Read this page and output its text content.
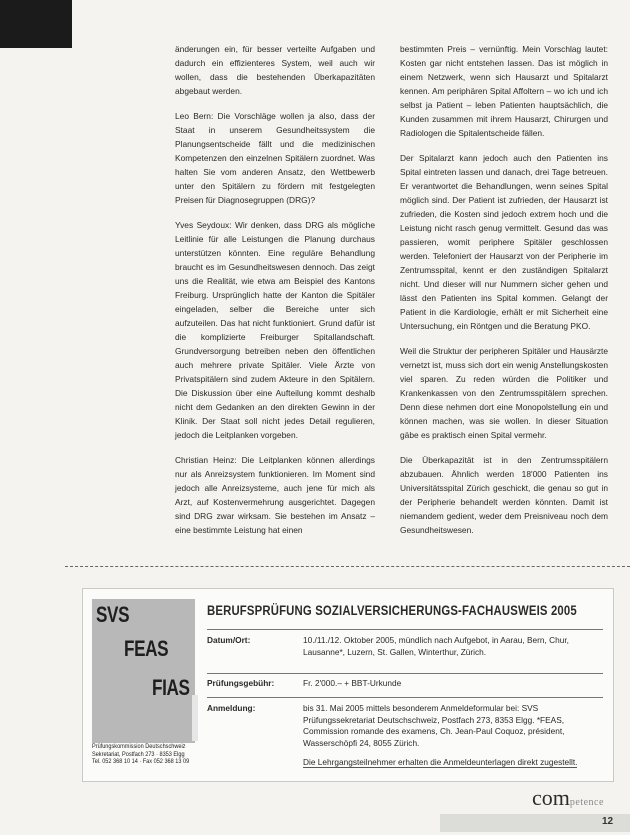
änderungen ein, für besser verteilte Aufgaben und dadurch ein effizienteres System, weil auch wir wollen, dass die bestehenden Überkapazitäten abgebaut werden.

Leo Bern: Die Vorschläge wollen ja also, dass der Staat in unserem Gesundheitssystem die Planungsentscheide fällt und die medizinischen Kompetenzen den einzelnen Spitälern zuordnet. Was halten Sie vom anderen Ansatz, den Wettbewerb unter den Spitälern zu fördern mit festgelegten Preisen für Diagnosegruppen (DRG)?

Yves Seydoux: Wir denken, dass DRG als mögliche Leitlinie für alle Leistungen die Planung durchaus unterstützen könnten. Eine reguläre Behandlung braucht es im Gesundheitswesen dennoch. Das zeigt uns die Realität, wie etwa am Beispiel des Kantons Freiburg. Ursprünglich hatte der Kanton die Spitäler eingeladen, selber die Bereiche unter sich aufzuteilen. Das hat nicht funktioniert. Grund dafür ist die komplizierte Freiburger Spitallandschaft. Grundversorgung betreiben neben den öffentlichen auch mehrere private Spitäler. Viele Ärzte von Privatspitälern sind zudem Akteure in den Spitälern. Die Diskussion über eine Aufteilung kommt deshalb nicht dem Gedanken an den direkten Gewinn in der Klinik. Der Staat soll nicht jedes Detail regulieren, jedoch die Leitplanken vorgeben.

Christian Heinz: Die Leitplanken können allerdings nur als Anreizsystem funktionieren. Im Moment sind jedoch alle Anreizsysteme, auch jene für mich als Arzt, auf Kostenvermehrung ausgerichtet. Dagegen sind DRG zwar wirksam. Sie bestehen im Ansatz – eine bestimmte Leistung hat einen

bestimmten Preis – vernünftig. Mein Vorschlag lautet: Kosten gar nicht entstehen lassen. Das ist möglich in einem Netzwerk, wenn sich Hausarzt und Spitalarzt kennen. Am periphären Spital Affoltern – wo ich und ich selbst ja Patient – leben Patienten hauptsächlich, die Kunden zusammen mit ihrem Hausarzt, Chirurgen und Radiologen die Spitalentscheide fällen.

Der Spitalarzt kann jedoch auch den Patienten ins Spital eintreten lassen und danach, drei Tage betreuen. Er verantwortet die Behandlungen, wenn seines Spital möglich sind. Der Patient ist zufrieden, der Hausarzt ist zufrieden, die Kosten sind jedoch extrem hoch und die Leistung nicht rasch genug vermittelt. Gesund das was passieren, womit periphere Spitäler geschlossen werden. Telefoniert der Hausarzt von der Peripherie im Zentrumsspital, kennt er den zuständigen Spitalarzt nicht. Und dieser will nur Nummern sicher gehen und lässt den Patienten ins Spital kommen. Gelangt der Patient in die Kardiologie, erhält er mit Sicherheit eine Untersuchung, ein Röntgen und die Beratung PKO.

Weil die Struktur der peripheren Spitäler und Hausärzte vernetzt ist, muss sich dort ein wenig Anstellungskosten viel sparen. Zu reden würden die Politiker und Krankenkassen von den Zentrumsspitälern sprechen. Denn diese nehmen dort eine Monopolstellung ein und können machen, was sie wollen. In dieser Situation gäbe es praktisch einen Spital vermehr.

Die Überkapazität ist in den Zentrumsspitälern abzubauen. Ähnlich werden 18'000 Patienten ins Universitätsspital Zürich geschickt, die genau so gut in der Peripherie behandelt werden könnten. Damit ist niemandem gedient, weder dem Preisniveau noch dem Gesundheitswesen.

SVS
FEAS
FIAS
Prüfungskommission Deutschschweiz
Sekretariat, Postfach 273 · 8353 Elgg
Tel. 052 368 10 14 · Fax 052 368 13 09
BERUFSPRÜFUNG SOZIALVERSICHERUNGS-FACHAUSWEIS 2005
Datum/Ort:	10./11./12. Oktober 2005, mündlich nach Aufgebot, in Aarau, Bern, Chur, Lausanne*, Luzern, St. Gallen, Winterthur, Zürich.
Prüfungsgebühr:	Fr. 2'000.– + BBT-Urkunde
Anmeldung:	bis 31. Mai 2005 mittels besonderem Anmeldeformular bei: SVS Prüfungssekretariat Deutschschweiz, Postfach 273, 8353 Elgg. *FEAS, Commission romande des examens, Ch. Jean-Paul Coquoz, président, Wasserschöpfi 24, 8055 Zürich.
Die Lehrgangsteilnehmer erhalten die Anmeldeunterlagen direkt zugestellt.
competence
12
